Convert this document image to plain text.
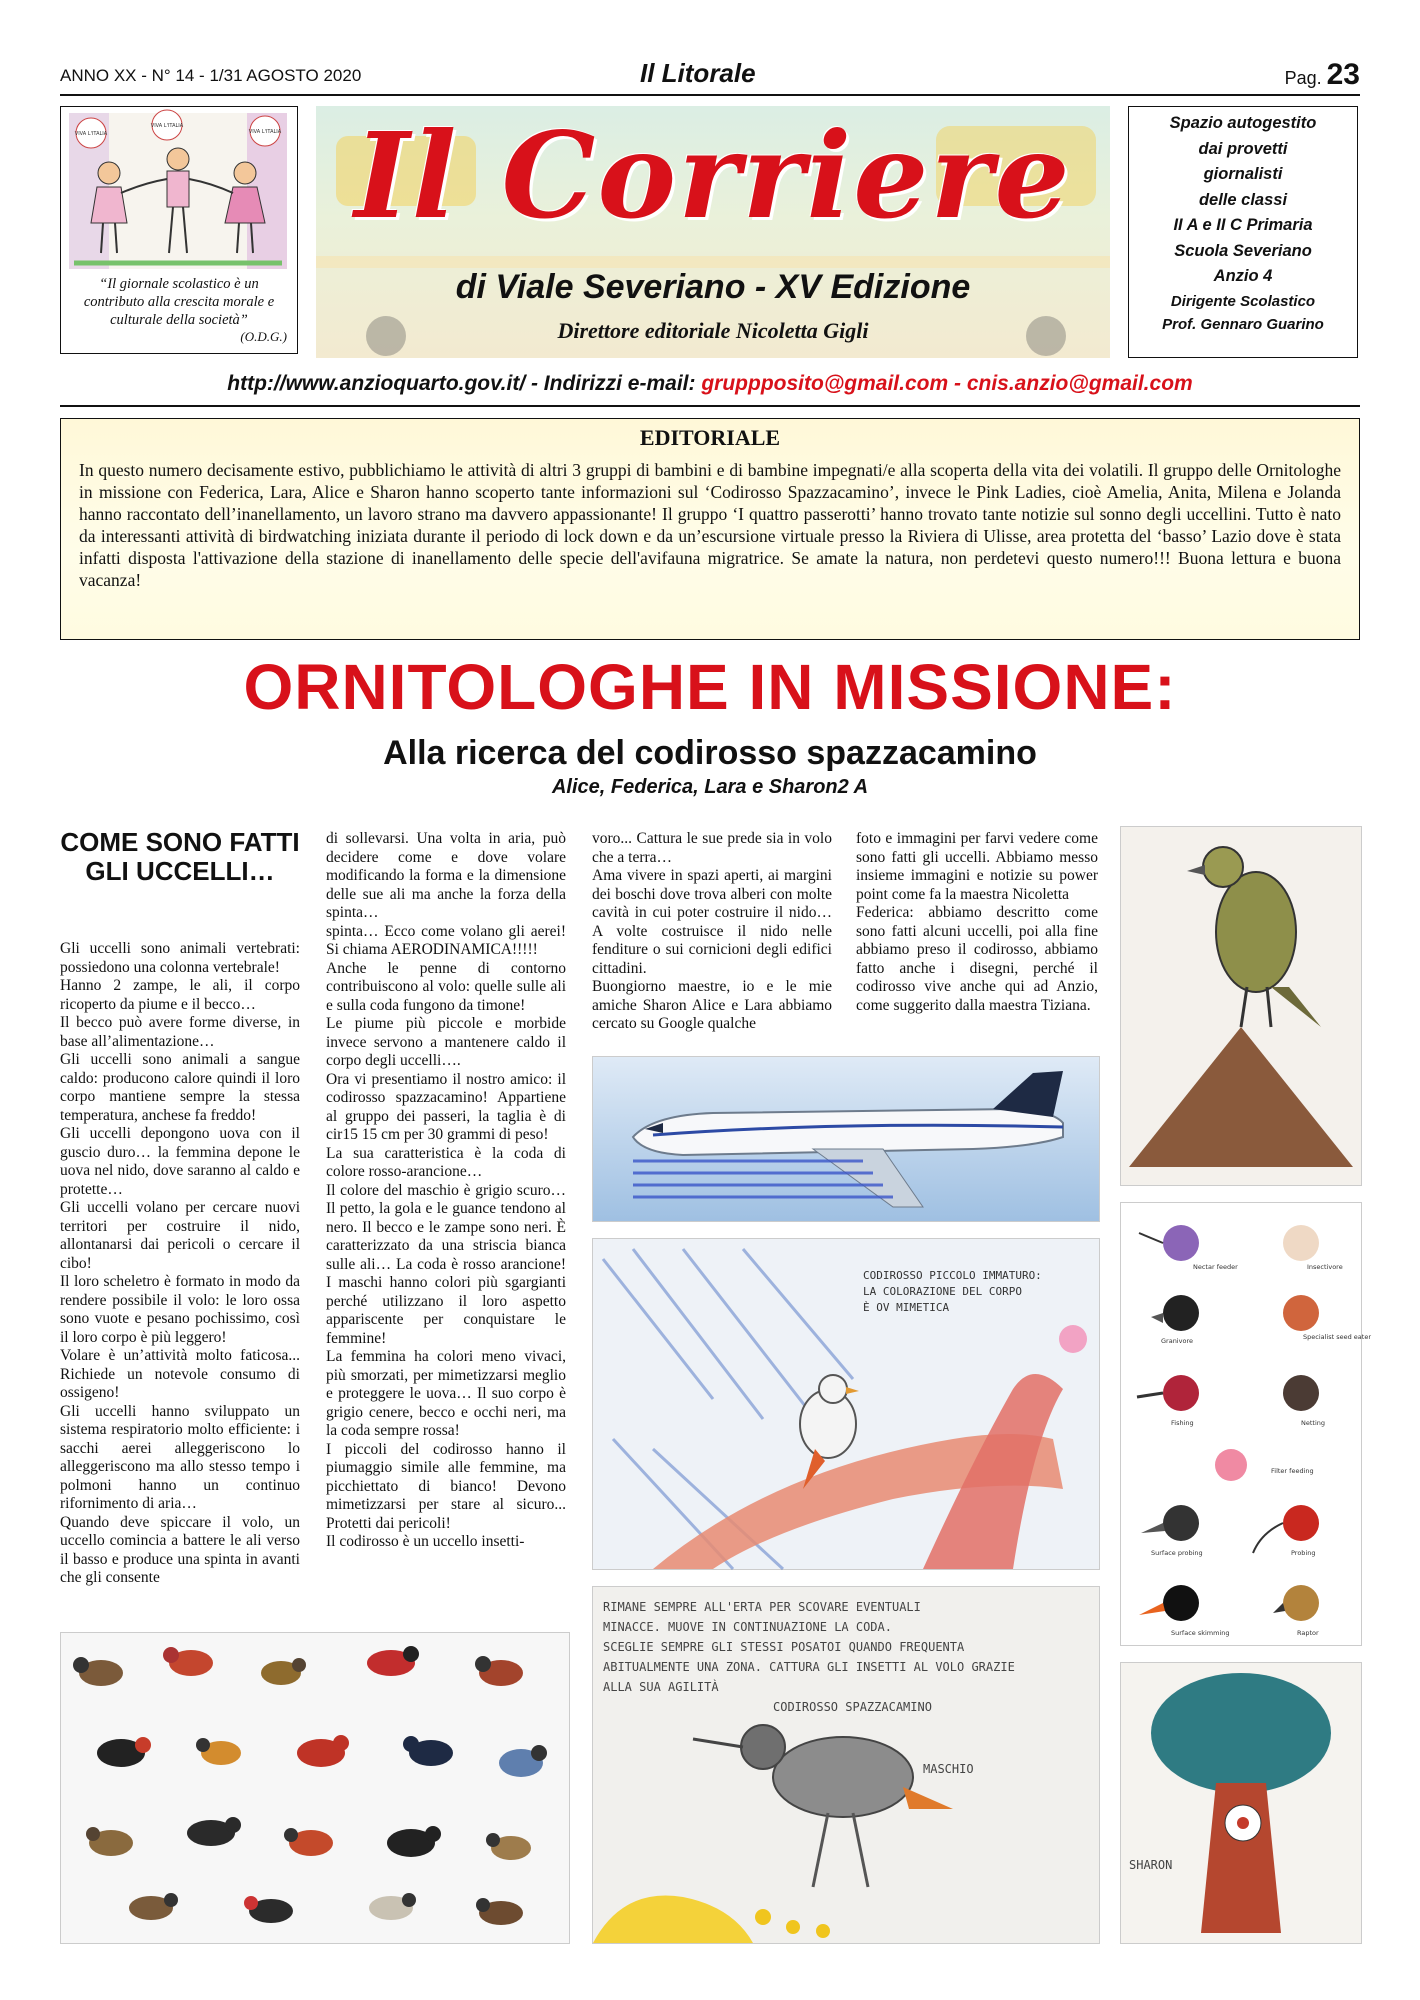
ANNO XX - N° 14 - 1/31 AGOSTO 2020	Il Litorale	Pag. 23
VIVA L'ITALIA
VIVA L'ITALIA
VIVA L'ITALIA
“Il giornale scolastico è un contributo alla crescita morale e culturale della società”
(O.D.G.)
Il Corriere
di Viale Severiano - XV Edizione
Direttore editoriale Nicoletta Gigli
Spazio autogestito
dai provetti
giornalisti
delle classi
II A e II C Primaria
Scuola Severiano
Anzio 4
Dirigente Scolastico
Prof. Gennaro Guarino
http://www.anzioquarto.gov.it/ - Indirizzi e-mail: gruppposito@gmail.com - cnis.anzio@gmail.com
EDITORIALE

In questo numero decisamente estivo, pubblichiamo le attività di altri 3 gruppi di bambini e di bambine impegnati/e alla scoperta della vita dei volatili. Il gruppo delle Ornitologhe in missione con Federica, Lara, Alice e Sharon hanno scoperto tante informazioni sul ‘Codirosso Spazzacamino’, invece le Pink Ladies, cioè Amelia, Anita, Milena e Jolanda hanno raccontato dell’inanellamento, un lavoro strano ma davvero appassionante! Il gruppo ‘I quattro passerotti’ hanno trovato tante notizie sul sonno degli uccellini. Tutto è nato da interessanti attività di birdwatching iniziata durante il periodo di lock down e da un’escursione virtuale presso la Riviera di Ulisse, area protetta del ‘basso’ Lazio dove è stata infatti disposta l'attivazione della stazione di inanellamento delle specie dell'avifauna migratrice. Se amate la natura, non perdetevi questo numero!!! Buona lettura e buona vacanza!

ORNITOLOGHE IN MISSIONE:
Alla ricerca del codirosso spazzacamino
Alice, Federica, Lara e Sharon2 A
COME SONO FATTI GLI UCCELLI…

Gli uccelli sono animali vertebrati: possiedono una colonna vertebrale!

Hanno 2 zampe, le ali, il corpo ricoperto da piume e il becco…

Il becco può avere forme diverse, in base all’alimentazione…

Gli uccelli sono animali a sangue caldo: producono calore quindi il loro corpo mantiene sempre la stessa temperatura, anchese fa freddo!

Gli uccelli depongono uova con il guscio duro… la femmina depone le uova nel nido, dove saranno al caldo e protette…

Gli uccelli volano per cercare nuovi territori per costruire il nido, allontanarsi dai pericoli o cercare il cibo!

Il loro scheletro è formato in modo da rendere possibile il volo: le loro ossa sono vuote e pesano pochissimo, così il loro corpo è più leggero!

Volare è un’attività molto faticosa... Richiede un notevole consumo di ossigeno!

Gli uccelli hanno sviluppato un sistema respiratorio molto efficiente: i sacchi aerei alleggeriscono lo alleggeriscono ma allo stesso tempo i polmoni hanno un continuo rifornimento di aria…

Quando deve spiccare il volo, un uccello comincia a battere le ali verso il basso e produce una spinta in avanti che gli consente

di sollevarsi. Una volta in aria, può decidere come e dove volare modificando la forma e la dimensione delle sue ali ma anche la forza della spinta…

spinta… Ecco come volano gli aerei! Si chiama AERODINAMICA!!!!!

Anche le penne di contorno contribuiscono al volo: quelle sulle ali e sulla coda fungono da timone!

Le piume più piccole e morbide invece servono a mantenere caldo il corpo degli uccelli….

Ora vi presentiamo il nostro amico: il codirosso spazzacamino! Appartiene al gruppo dei passeri, la taglia è di cir15 15 cm per 30 grammi di peso!

La sua caratteristica è la coda di colore rosso-arancione…

Il colore del maschio è grigio scuro… Il petto, la gola e le guance tendono al nero. Il becco e le zampe sono neri. È caratterizzato da una striscia bianca sulle ali… La coda è rosso arancione! I maschi hanno colori più sgargianti perché utilizzano il loro aspetto appariscente per conquistare le femmine!

La femmina ha colori meno vivaci, più smorzati, per mimetizzarsi meglio e proteggere le uova… Il suo corpo è grigio cenere, becco e occhi neri, ma la coda sempre rossa!

I piccoli del codirosso hanno il piumaggio simile alle femmine, ma picchiettato di bianco! Devono mimetizzarsi per stare al sicuro... Protetti dai pericoli!

Il codirosso è un uccello insetti-

voro... Cattura le sue prede sia in volo che a terra…

Ama vivere in spazi aperti, ai margini dei boschi dove trova alberi con molte cavità in cui poter costruire il nido… A volte costruisce il nido nelle fenditure o sui cornicioni degli edifici cittadini.

Buongiorno maestre, io e le mie amiche Sharon Alice e Lara abbiamo cercato su Google qualche

foto e immagini per farvi vedere come sono fatti gli uccelli. Abbiamo messo insieme immagini e notizie su power point come fa la maestra Nicoletta

Federica: abbiamo descritto come sono fatti alcuni uccelli, poi alla fine abbiamo preso il codirosso, abbiamo fatto anche i disegni, perché il codirosso vive anche qui ad Anzio, come suggerito dalla maestra Tiziana.

CODIROSSO PICCOLO IMMATURO:
LA COLORAZIONE DEL CORPO
È OV MIMETICA
RIMANE SEMPRE ALL'ERTA PER SCOVARE EVENTUALI
MINACCE. MUOVE IN CONTINUAZIONE LA CODA.
SCEGLIE SEMPRE GLI STESSI POSATOI QUANDO FREQUENTA
ABITUALMENTE UNA ZONA. CATTURA GLI INSETTI AL VOLO GRAZIE
ALLA SUA AGILITÀ
CODIROSSO SPAZZACAMINO
MASCHIO
Nectar feeder	Insectivore
Granivore	Specialist seed eater
Fishing	Netting
Filter feeding
Surface probing	Probing
Surface skimming	Raptor
SHARON
